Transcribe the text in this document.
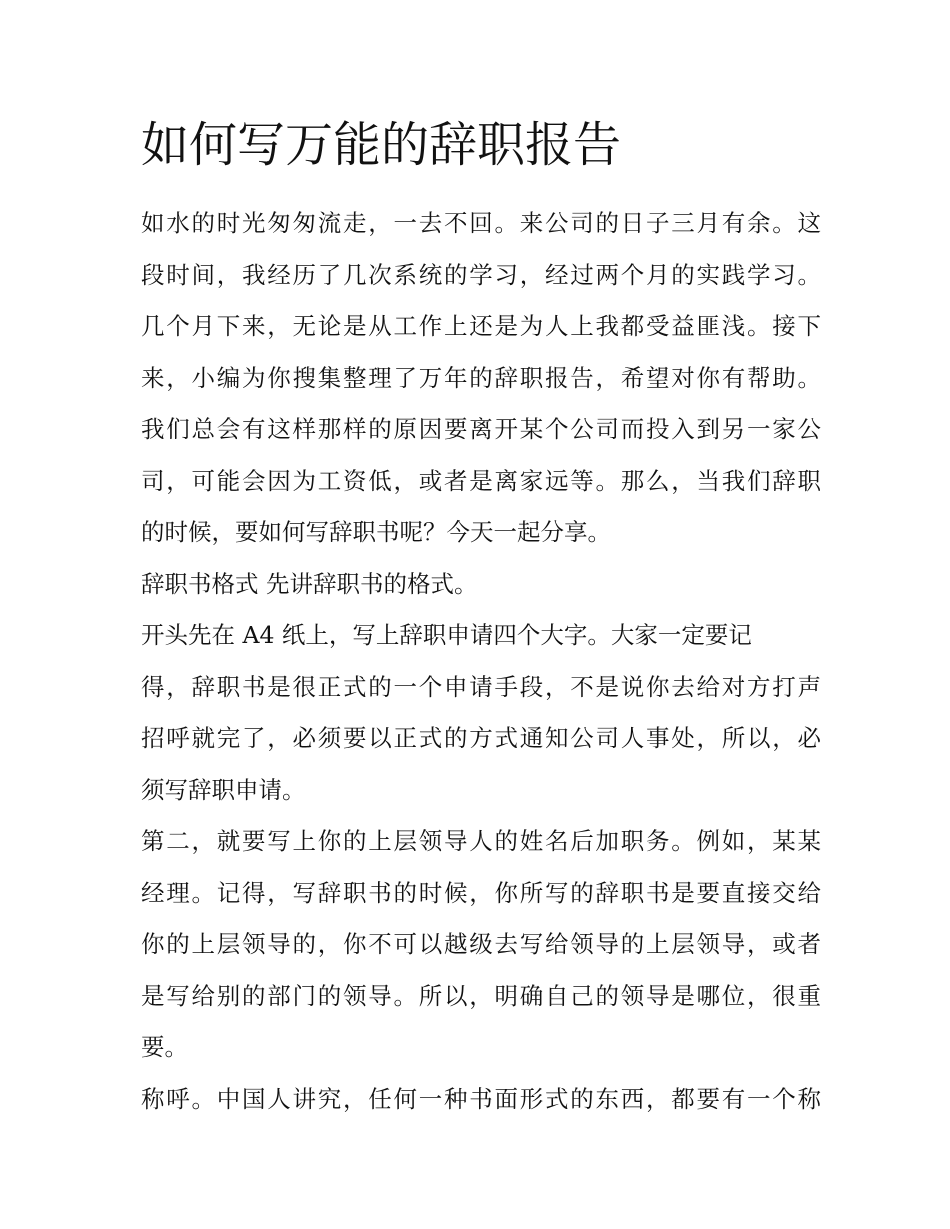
如何写万能的辞职报告

如水的时光匆匆流走，一去不回。来公司的日子三月有余。这

段时间，我经历了几次系统的学习，经过两个月的实践学习。

几个月下来，无论是从工作上还是为人上我都受益匪浅。接下

来，小编为你搜集整理了万年的辞职报告，希望对你有帮助。

我们总会有这样那样的原因要离开某个公司而投入到另一家公

司，可能会因为工资低，或者是离家远等。那么，当我们辞职

的时候，要如何写辞职书呢？今天一起分享。

辞职书格式 先讲辞职书的格式。

开头先在 A4 纸上，写上辞职申请四个大字。大家一定要记

得，辞职书是很正式的一个申请手段，不是说你去给对方打声

招呼就完了，必须要以正式的方式通知公司人事处，所以，必

须写辞职申请。

第二，就要写上你的上层领导人的姓名后加职务。例如，某某

经理。记得，写辞职书的时候，你所写的辞职书是要直接交给

你的上层领导的，你不可以越级去写给领导的上层领导，或者

是写给别的部门的领导。所以，明确自己的领导是哪位，很重

要。

称呼。中国人讲究，任何一种书面形式的东西，都要有一个称
